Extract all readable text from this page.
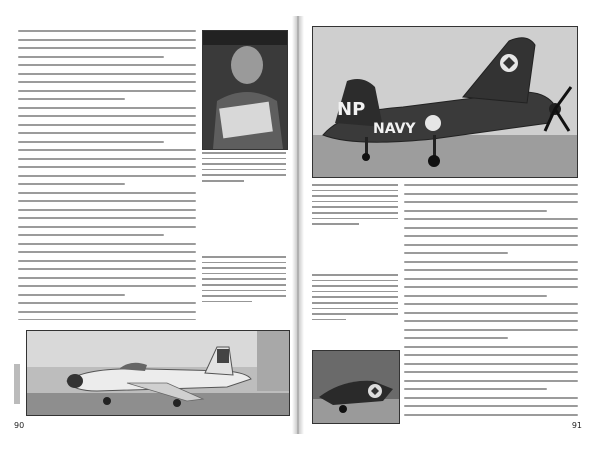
90
NP
NAVY
91
